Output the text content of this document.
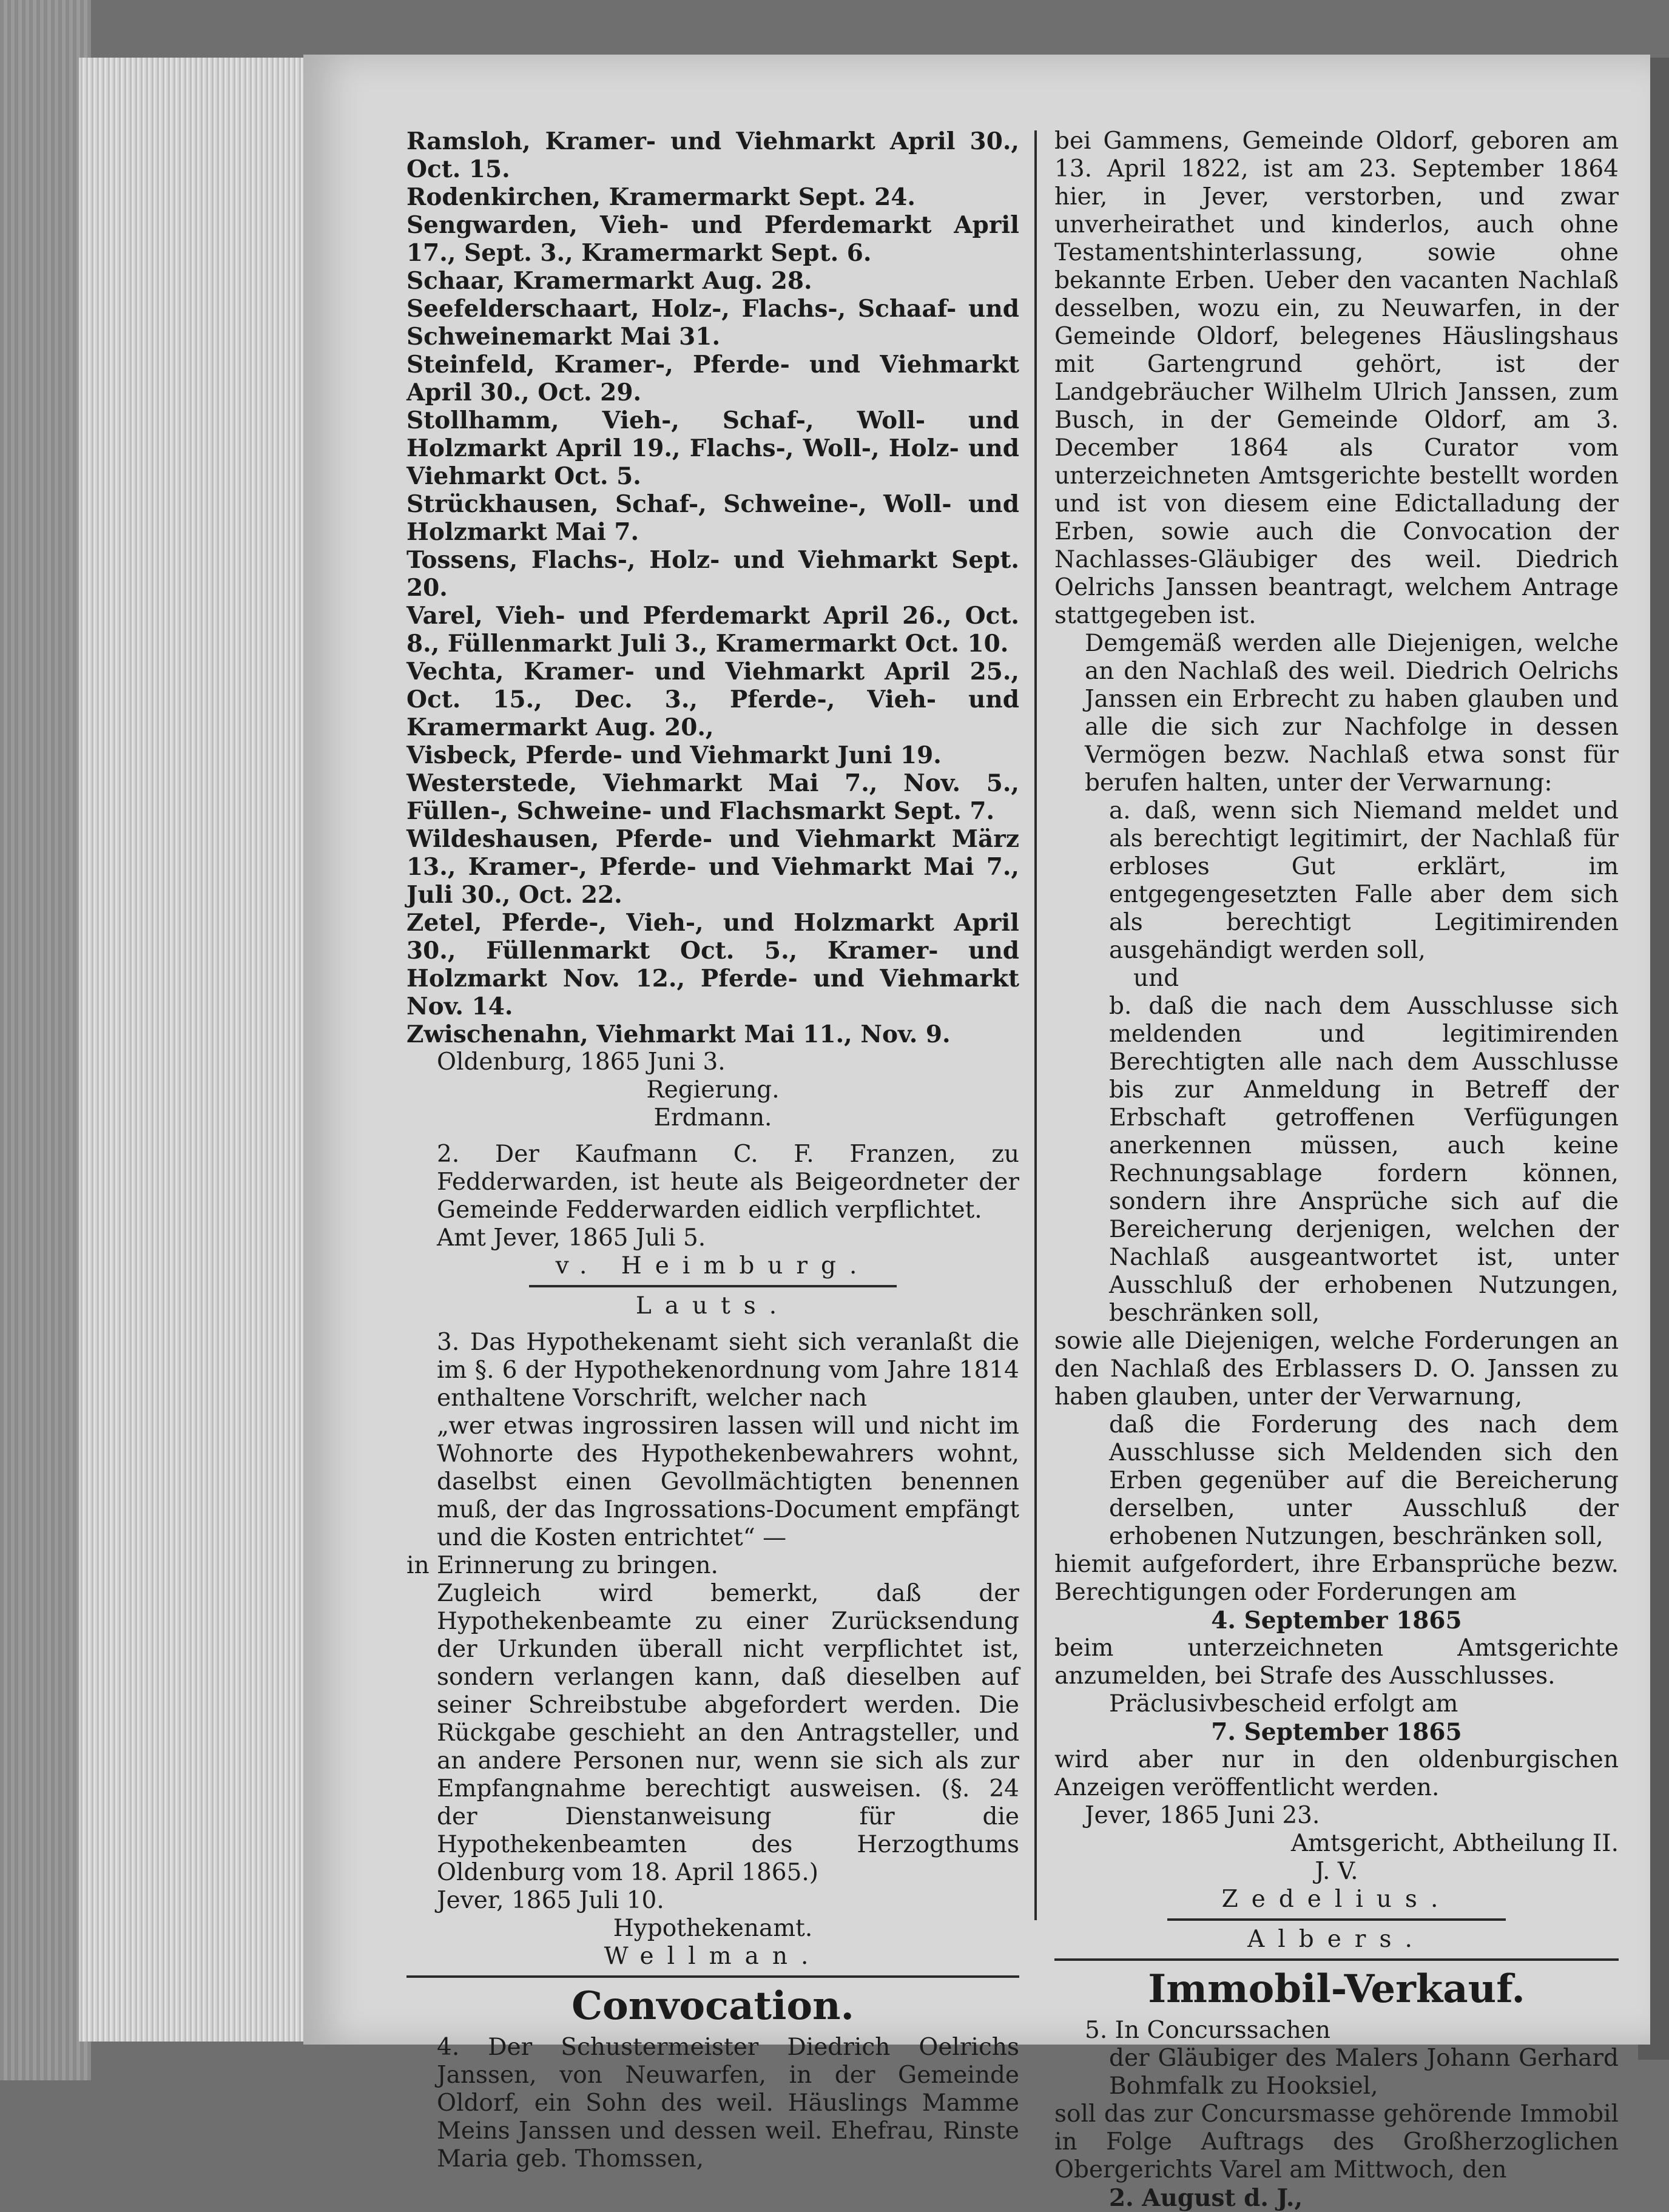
Ramsloh, Kramer- und Viehmarkt April 30., Oct. 15.

Rodenkirchen, Kramermarkt Sept. 24.

Sengwarden, Vieh- und Pferdemarkt April 17., Sept. 3., Kramermarkt Sept. 6.

Schaar, Kramermarkt Aug. 28.

Seefelderschaart, Holz-, Flachs-, Schaaf- und Schweinemarkt Mai 31.

Steinfeld, Kramer-, Pferde- und Viehmarkt April 30., Oct. 29.

Stollhamm, Vieh-, Schaf-, Woll- und Holzmarkt April 19., Flachs-, Woll-, Holz- und Viehmarkt Oct. 5.

Strückhausen, Schaf-, Schweine-, Woll- und Holzmarkt Mai 7.

Tossens, Flachs-, Holz- und Viehmarkt Sept. 20.

Varel, Vieh- und Pferdemarkt April 26., Oct. 8., Füllenmarkt Juli 3., Kramermarkt Oct. 10.

Vechta, Kramer- und Viehmarkt April 25., Oct. 15., Dec. 3., Pferde-, Vieh- und Kramermarkt Aug. 20.,

Visbeck, Pferde- und Viehmarkt Juni 19.

Westerstede, Viehmarkt Mai 7., Nov. 5., Füllen-, Schweine- und Flachsmarkt Sept. 7.

Wildeshausen, Pferde- und Viehmarkt März 13., Kramer-, Pferde- und Viehmarkt Mai 7., Juli 30., Oct. 22.

Zetel, Pferde-, Vieh-, und Holzmarkt April 30., Füllenmarkt Oct. 5., Kramer- und Holzmarkt Nov. 12., Pferde- und Viehmarkt Nov. 14.

Zwischenahn, Viehmarkt Mai 11., Nov. 9.

Oldenburg, 1865 Juni 3.

Regierung.

Erdmann.

2. Der Kaufmann C. F. Franzen, zu Fedderwarden, ist heute als Beigeordneter der Gemeinde Fedderwarden eidlich verpflichtet.

Amt Jever, 1865 Juli 5.

v. Heimburg.

Lauts.

3. Das Hypothekenamt sieht sich veranlaßt die im §. 6 der Hypothekenordnung vom Jahre 1814 enthaltene Vorschrift, welcher nach

„wer etwas ingrossiren lassen will und nicht im Wohnorte des Hypothekenbewahrers wohnt, daselbst einen Gevollmächtigten benennen muß, der das Ingrossations-Document empfängt und die Kosten entrichtet“ —

in Erinnerung zu bringen.

Zugleich wird bemerkt, daß der Hypothekenbeamte zu einer Zurücksendung der Urkunden überall nicht verpflichtet ist, sondern verlangen kann, daß dieselben auf seiner Schreibstube abgefordert werden. Die Rückgabe geschieht an den Antragsteller, und an andere Personen nur, wenn sie sich als zur Empfangnahme berechtigt ausweisen. (§. 24 der Dienstanweisung für die Hypothekenbeamten des Herzogthums Oldenburg vom 18. April 1865.)

Jever, 1865 Juli 10.

Hypothekenamt.

Wellman.

Convocation.

4. Der Schustermeister Diedrich Oelrichs Janssen, von Neuwarfen, in der Gemeinde Oldorf, ein Sohn des weil. Häuslings Mamme Meins Janssen und dessen weil. Ehefrau, Rinste Maria geb. Thomssen,

bei Gammens, Gemeinde Oldorf, geboren am 13. April 1822, ist am 23. September 1864 hier, in Jever, verstorben, und zwar unverheirathet und kinderlos, auch ohne Testamentshinterlassung, sowie ohne bekannte Erben. Ueber den vacanten Nachlaß desselben, wozu ein, zu Neuwarfen, in der Gemeinde Oldorf, belegenes Häuslingshaus mit Gartengrund gehört, ist der Landgebräucher Wilhelm Ulrich Janssen, zum Busch, in der Gemeinde Oldorf, am 3. December 1864 als Curator vom unterzeichneten Amtsgerichte bestellt worden und ist von diesem eine Edictalladung der Erben, sowie auch die Convocation der Nachlasses-Gläubiger des weil. Diedrich Oelrichs Janssen beantragt, welchem Antrage stattgegeben ist.

Demgemäß werden alle Diejenigen, welche an den Nachlaß des weil. Diedrich Oelrichs Janssen ein Erbrecht zu haben glauben und alle die sich zur Nachfolge in dessen Vermögen bezw. Nachlaß etwa sonst für berufen halten, unter der Verwarnung:

a. daß, wenn sich Niemand meldet und als berechtigt legitimirt, der Nachlaß für erbloses Gut erklärt, im entgegengesetzten Falle aber dem sich als berechtigt Legitimirenden ausgehändigt werden soll,

und

b. daß die nach dem Ausschlusse sich meldenden und legitimirenden Berechtigten alle nach dem Ausschlusse bis zur Anmeldung in Betreff der Erbschaft getroffenen Verfügungen anerkennen müssen, auch keine Rechnungsablage fordern können, sondern ihre Ansprüche sich auf die Bereicherung derjenigen, welchen der Nachlaß ausgeantwortet ist, unter Ausschluß der erhobenen Nutzungen, beschränken soll,

sowie alle Diejenigen, welche Forderungen an den Nachlaß des Erblassers D. O. Janssen zu haben glauben, unter der Verwarnung,

daß die Forderung des nach dem Ausschlusse sich Meldenden sich den Erben gegenüber auf die Bereicherung derselben, unter Ausschluß der erhobenen Nutzungen, beschränken soll,

hiemit aufgefordert, ihre Erbansprüche bezw. Berechtigungen oder Forderungen am

4. September 1865

beim unterzeichneten Amtsgerichte anzumelden, bei Strafe des Ausschlusses.

Präclusivbescheid erfolgt am

7. September 1865

wird aber nur in den oldenburgischen Anzeigen veröffentlicht werden.

Jever, 1865 Juni 23.

Amtsgericht, Abtheilung II.

J. V.

Zedelius.

Albers.

Immobil-Verkauf.

5. In Concurssachen

der Gläubiger des Malers Johann Gerhard Bohmfalk zu Hooksiel,

soll das zur Concursmasse gehörende Immobil in Folge Auftrags des Großherzoglichen Obergerichts Varel am Mittwoch, den

2. August d. J.,
